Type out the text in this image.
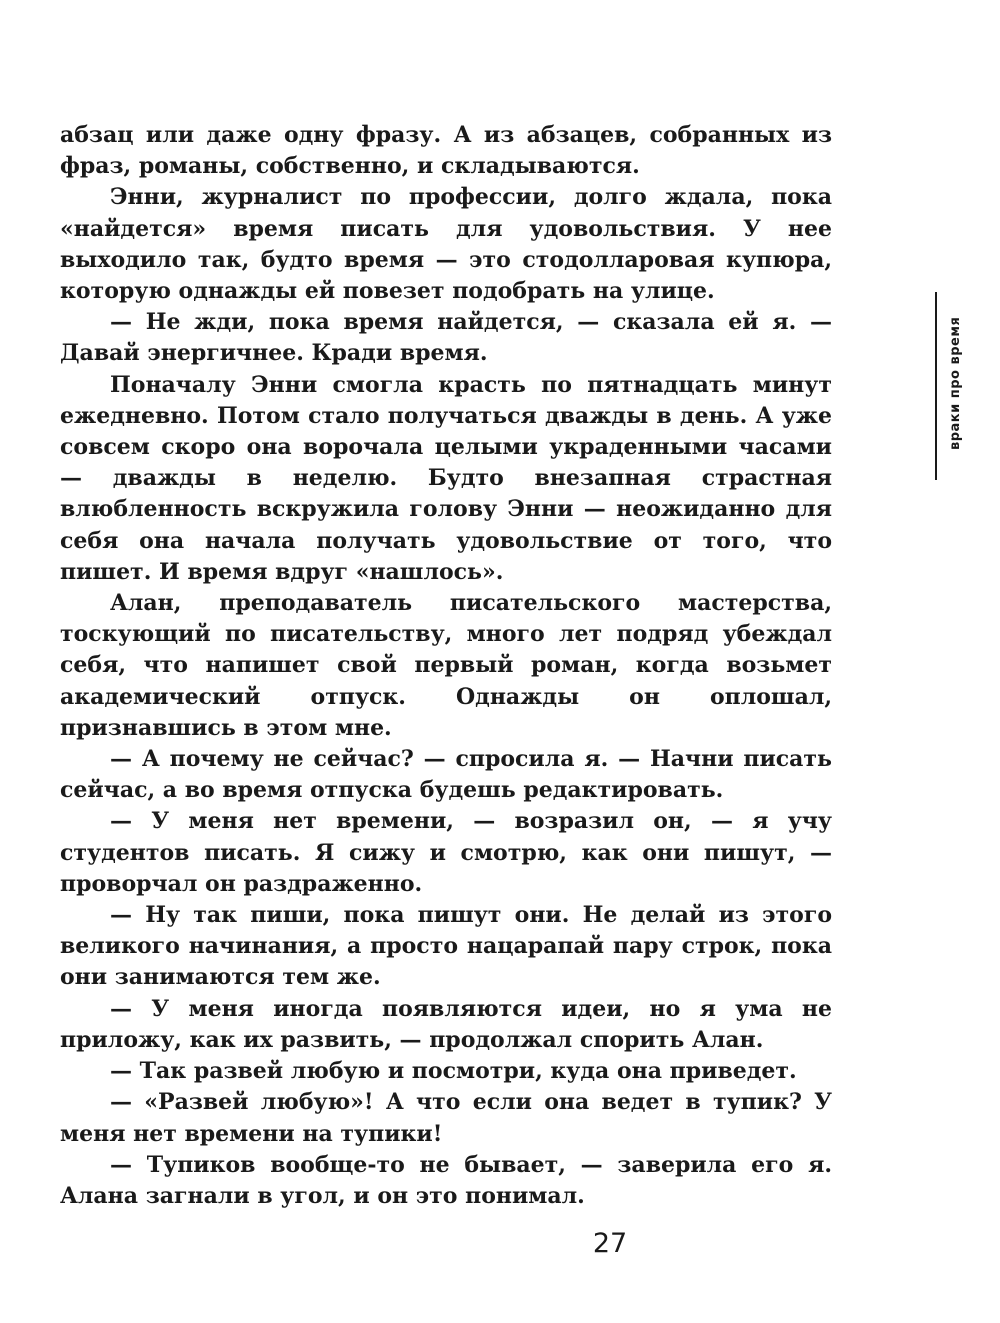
абзац или даже одну фразу. А из абзацев, собранных из фраз, романы, собственно, и складываются.

Энни, журналист по профессии, долго ждала, пока «найдется» время писать для удовольствия. У нее выходило так, будто время — это стодолларовая купюра, которую однажды ей повезет подобрать на улице.

— Не жди, пока время найдется, — сказала ей я. — Давай энергичнее. Кради время.

Поначалу Энни смогла красть по пятнадцать минут ежедневно. Потом стало получаться дважды в день. А уже совсем скоро она ворочала целыми украденными часами — дважды в неделю. Будто внезапная страстная влюбленность вскружила голову Энни — неожиданно для себя она начала получать удовольствие от того, что пишет. И время вдруг «нашлось».

Алан, преподаватель писательского мастерства, тоскующий по писательству, много лет подряд убеждал себя, что напишет свой первый роман, когда возьмет академический отпуск. Однажды он оплошал, признавшись в этом мне.

— А почему не сейчас? — спросила я. — Начни писать сейчас, а во время отпуска будешь редактировать.

— У меня нет времени, — возразил он, — я учу студентов писать. Я сижу и смотрю, как они пишут, — проворчал он раздраженно.

— Ну так пиши, пока пишут они. Не делай из этого великого начинания, а просто нацарапай пару строк, пока они занимаются тем же.

— У меня иногда появляются идеи, но я ума не приложу, как их развить, — продолжал спорить Алан.

— Так развей любую и посмотри, куда она приведет.

— «Развей любую»! А что если она ведет в тупик? У меня нет времени на тупики!

— Тупиков вообще-то не бывает, — заверила его я. Алана загнали в угол, и он это понимал.

враки про время
27
